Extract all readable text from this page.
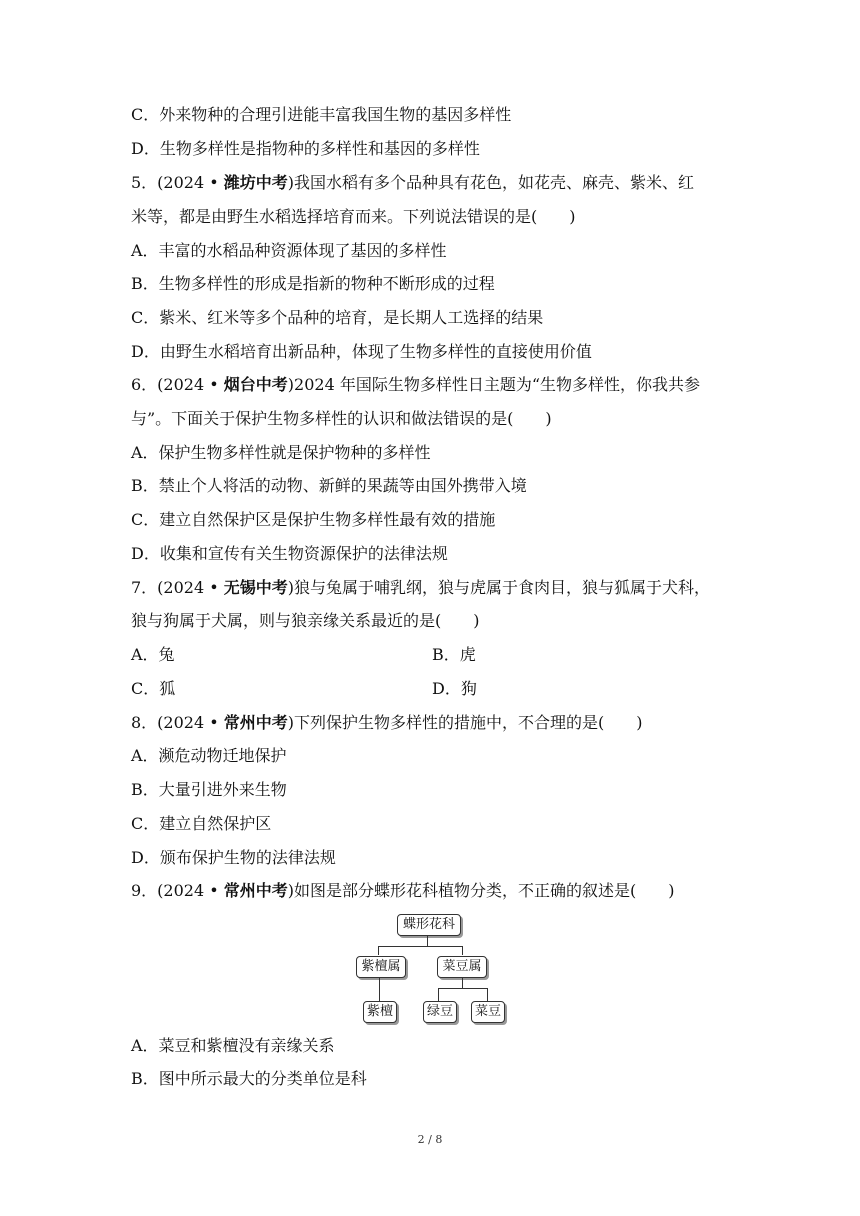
C．外来物种的合理引进能丰富我国生物的基因多样性
D．生物多样性是指物种的多样性和基因的多样性
5．(2024 • 潍坊中考)我国水稻有多个品种具有花色，如花壳、麻壳、紫米、红
米等，都是由野生水稻选择培育而来。下列说法错误的是(　　)
A．丰富的水稻品种资源体现了基因的多样性
B．生物多样性的形成是指新的物种不断形成的过程
C．紫米、红米等多个品种的培育，是长期人工选择的结果
D．由野生水稻培育出新品种，体现了生物多样性的直接使用价值
6．(2024 • 烟台中考)2024 年国际生物多样性日主题为“生物多样性，你我共参
与”。下面关于保护生物多样性的认识和做法错误的是(　　)
A．保护生物多样性就是保护物种的多样性
B．禁止个人将活的动物、新鲜的果蔬等由国外携带入境
C．建立自然保护区是保护生物多样性最有效的措施
D．收集和宣传有关生物资源保护的法律法规
7．(2024 • 无锡中考)狼与兔属于哺乳纲，狼与虎属于食肉目，狼与狐属于犬科，
狼与狗属于犬属，则与狼亲缘关系最近的是(　　)
A．兔	B．虎
C．狐	D．狗
8．(2024 • 常州中考)下列保护生物多样性的措施中，不合理的是(　　)
A．濒危动物迁地保护
B．大量引进外来生物
C．建立自然保护区
D．颁布保护生物的法律法规
9．(2024 • 常州中考)如图是部分蝶形花科植物分类，不正确的叙述是(　　)
蝶形花科
紫檀属	菜豆属
紫檀	绿豆	菜豆
A．菜豆和紫檀没有亲缘关系
B．图中所示最大的分类单位是科
2 / 8
